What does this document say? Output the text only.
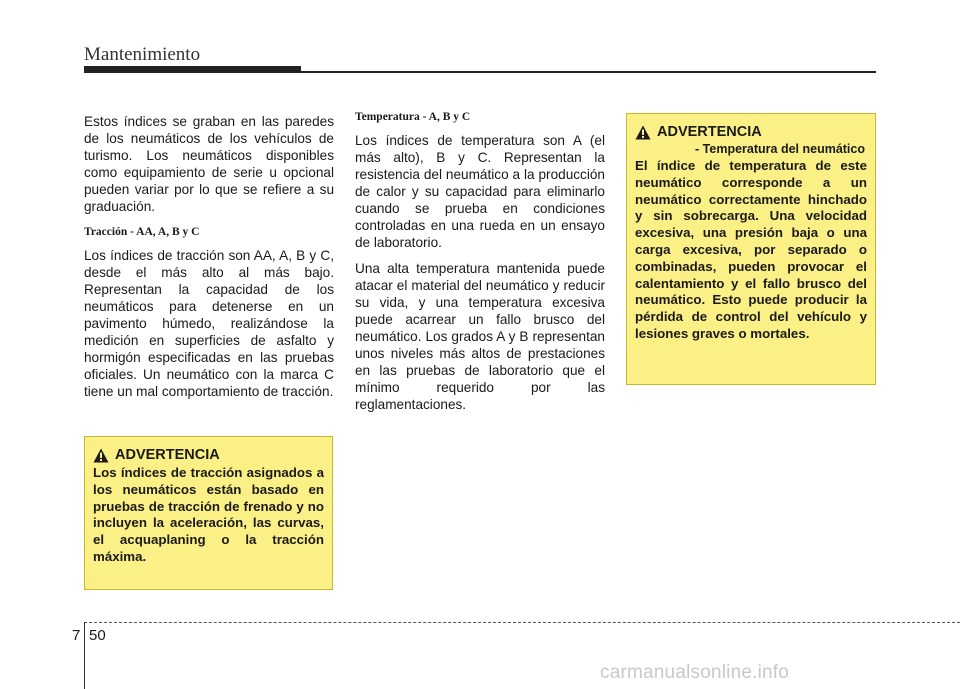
Mantenimiento

Estos índices se graban en las paredes de los neumáticos de los vehículos de turismo. Los neumáticos disponibles como equipamiento de serie u opcional pueden variar por lo que se refiere a su graduación.

Tracción - AA, A, B y C

Los índices de tracción son AA, A, B y C, desde el más alto al más bajo. Representan la capacidad de los neumáticos para detenerse en un pavimento húmedo, realizándose la medición en superficies de asfalto y hormigón especificadas en las pruebas oficiales. Un neumático con la marca C tiene un mal comportamiento de tracción.

Temperatura - A, B y C

Los índices de temperatura son A (el más alto), B y C. Representan la resistencia del neumático a la producción de calor y su capacidad para eliminarlo cuando se prueba en condiciones controladas en una rueda en un ensayo de laboratorio.

Una alta temperatura mantenida puede atacar el material del neumático y reducir su vida, y una temperatura excesiva puede acarrear un fallo brusco del neumático. Los grados A y B representan unos niveles más altos de prestaciones en las pruebas de laboratorio que el mínimo requerido por las reglamentaciones.

ADVERTENCIA

Los índices de tracción asignados a los neumáticos están basado en pruebas de tracción de frenado y no incluyen la aceleración, las curvas, el acquaplaning o la tracción máxima.

ADVERTENCIA

- Temperatura del neumático

El índice de temperatura de este neumático corresponde a un neumático correctamente hinchado y sin sobrecarga. Una velocidad excesiva, una presión baja o una carga excesiva, por separado o combinadas, pueden provocar el calentamiento y el fallo brusco del neumático. Esto puede producir la pérdida de control del vehículo y lesiones graves o mortales.

7 50
carmanualsonline.info
